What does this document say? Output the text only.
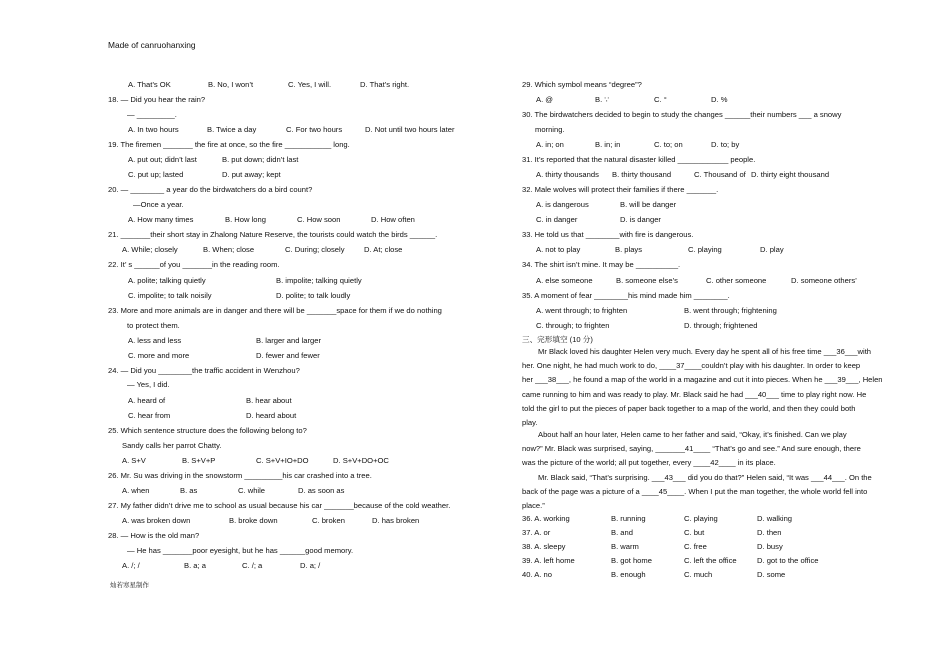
Made of canruohanxing
灿若寒星制作

Mr Black loved his daughter Helen very much. Every day he spent all of his free time ___36___with

her. One night, he had much work to do, ____37____couldn’t play with his daughter. In order to keep

her ___38___, he found a map of the world in a magazine and cut it into pieces. When he ___39___, Helen

came running to him and was ready to play. Mr. Black said he had ___40___ time to play right now. He

told the girl to put the pieces of paper back together to a map of the world, and then they could both

play.

About half an hour later, Helen came to her father and said, “Okay, it’s finished. Can we play

now?” Mr. Black was surprised, saying, _______41____ “That’s go and see.” And sure enough, there

was the picture of the world; all put together, every ____42____ in its place.

Mr. Black said, “That’s surprising. ___43___ did you do that?” Helen said, “It was ___44___. On the

back of the page was a picture of a ____45____. When I put the man together, the whole world fell into

place.”

A. That’s OK	B. No, I won’t	C. Yes, I will.	D. That’s right.
18. — Did you hear the rain?
— _________.
A. In two hours	B. Twice a day	C. For two hours	D. Not until two hours later
19. The firemen _______ the fire at once, so the fire ___________ long.
A. put out; didn’t last	B. put down; didn’t last
C. put up; lasted	D. put away; kept
20. — ________ a year do the birdwatchers do a bird count?
—Once a year.
A. How many times	B. How long	C. How soon	D. How often
21. _______their short stay in Zhalong Nature Reserve, the tourists could watch the birds ______.
A. While; closely	B. When; close	C. During; closely	D. At; close
22. It’ s ______of you _______in the reading room.
A. polite; talking quietly	B. impolite; talking quietly
C. impolite; to talk noisily	D. polite; to talk loudly
23. More and more animals are in danger and there will be _______space for them if we do nothing
to protect them.
A. less and less	B. larger and larger
C. more and more	D. fewer and fewer
24. — Did you ________the traffic accident in Wenzhou?
— Yes, I did.
A. heard of	B. hear about
C. hear from	D. heard about
25. Which sentence structure does the following belong to?
Sandy calls her parrot Chatty.
A. S+V	B. S+V+P	C. S+V+IO+DO	D. S+V+DO+OC
26. Mr. Su was driving in the snowstorm _________his car crashed into a tree.
A. when	B. as	C. while	D. as soon as
27. My father didn’t drive me to school as usual because his car _______because of the cold weather.
A. was broken down	B. broke down	C. broken	D. has broken
28. — How is the old man?
— He has _______poor eyesight, but he has ______good memory.
A. /; /	B. a; a	C. /; a	D. a; /
29. Which symbol means “degree”?
A. @	B. ∵	C. °	D. %
30. The birdwatchers decided to begin to study the changes ______their numbers ___ a snowy
morning.
A. in; on	B. in; in	C. to; on	D. to; by
31. It’s reported that the natural disaster killed ____________ people.
A. thirty thousands B. thirty thousand	C. Thousand of D. thirty eight thousand
32. Male wolves will protect their families if there _______.
A. is dangerous	B. will be danger
C. in danger	D. is danger
33. He told us that ________with fire is dangerous.
A. not to play	B. plays	C. playing	D. play
34. The shirt isn’t mine. It may be __________.
A. else someone	B. someone else’s	C. other someone	D. someone others’
35. A moment of fear ________his mind made him ________.
A. went through; to frighten	B. went through; frightening
C. through; to frighten	D. through; frightened
三、完形填空 (10 分)
36. A. working	B. running	C. playing	D. walking
37. A. or	B. and	C. but	D. then
38. A. sleepy	B. warm	C. free	D. busy
39. A. left home	B. got home	C. left the office	D. got to the office
40. A. no	B. enough	C. much	D. some
